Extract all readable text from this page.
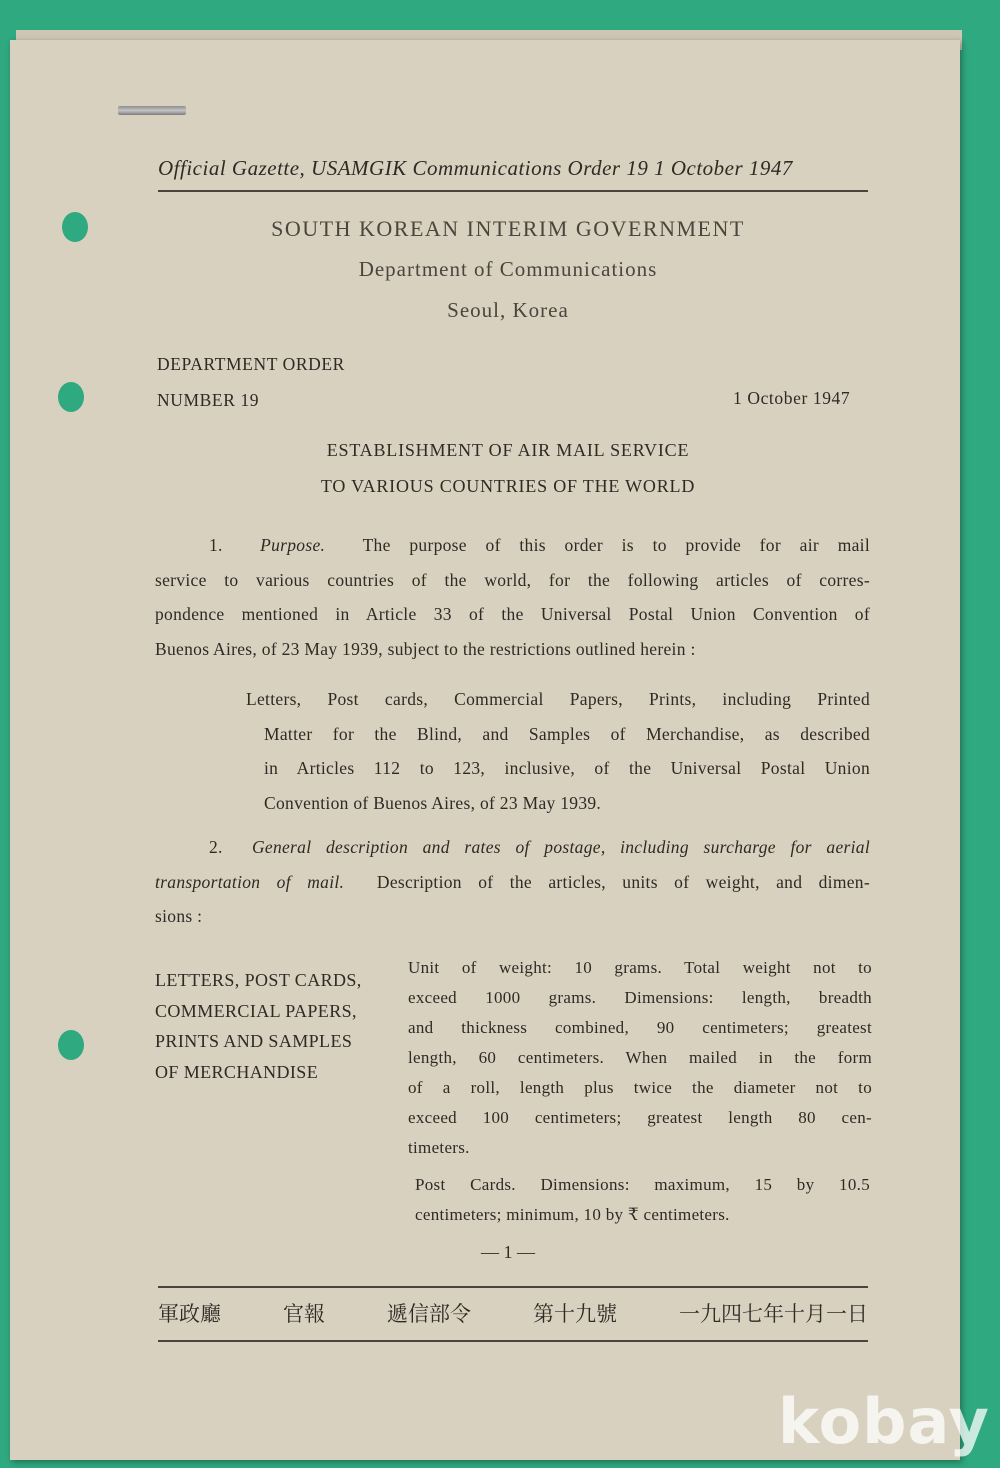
Official Gazette, USAMGIK Communications Order 19 1 October 1947
SOUTH KOREAN INTERIM GOVERNMENT
Department of Communications
Seoul, Korea
DEPARTMENT ORDER
NUMBER 19	1 October 1947
ESTABLISHMENT OF AIR MAIL SERVICE
TO VARIOUS COUNTRIES OF THE WORLD
1. Purpose. The purpose of this order is to provide for air mail
service to various countries of the world, for the following articles of corres-
pondence mentioned in Article 33 of the Universal Postal Union Convention of
Buenos Aires, of 23 May 1939, subject to the restrictions outlined herein :
Letters, Post cards, Commercial Papers, Prints, including Printed
Matter for the Blind, and Samples of Merchandise, as described
in Articles 112 to 123, inclusive, of the Universal Postal Union
Convention of Buenos Aires, of 23 May 1939.
2. General description and rates of postage, including surcharge for aerial
transportation of mail. Description of the articles, units of weight, and dimen-
sions :
LETTERS, POST CARDS,
COMMERCIAL PAPERS,
PRINTS AND SAMPLES
OF MERCHANDISE
Unit of weight: 10 grams. Total weight not to
exceed 1000 grams. Dimensions: length, breadth
and thickness combined, 90 centimeters; greatest
length, 60 centimeters. When mailed in the form
of a roll, length plus twice the diameter not to
exceed 100 centimeters; greatest length 80 cen-
timeters.
Post Cards. Dimensions: maximum, 15 by 10.5
centimeters; minimum, 10 by ₹ centimeters.
— 1 —
軍政廳	官報	遞信部令	第十九號	一九四七年十月一日
kobay
